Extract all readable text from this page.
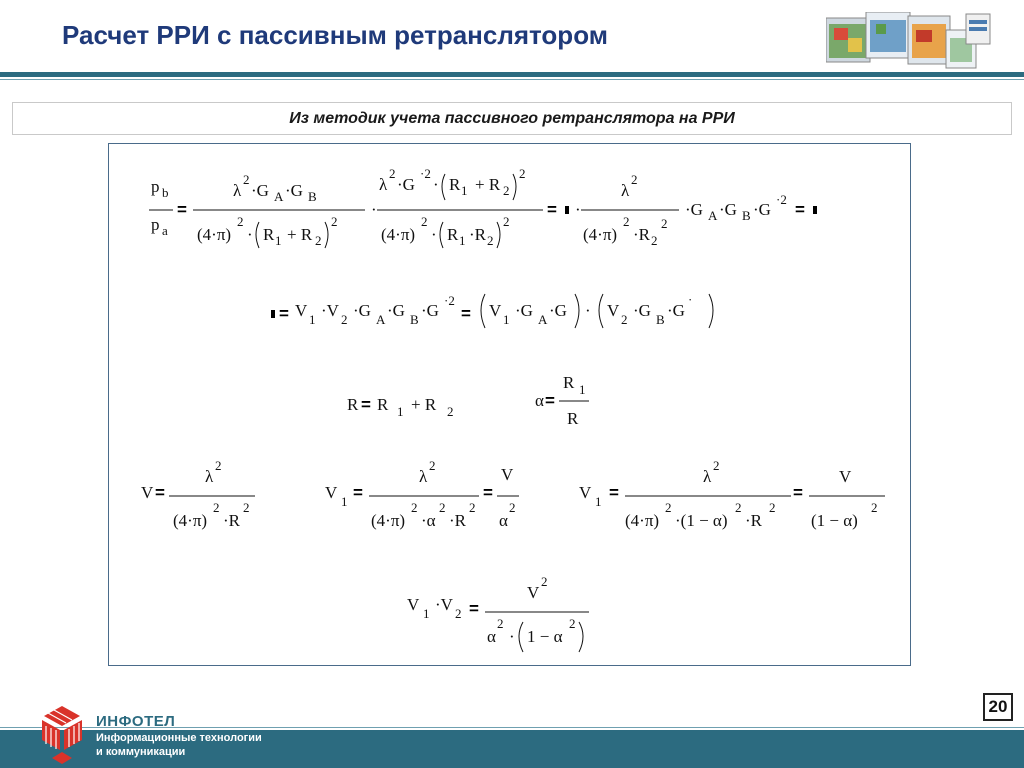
Расчет РРИ с пассивным ретранслятором
Из методик учета пассивного ретранслятора на РРИ
p b
p a
=
λ
2
·G A ·G B
(4·π)
2
· R 1 + R 2
2
·
λ
2
·G
·2
· R 1 + R 2
2
(4·π)
2
· R 1 ·R 2
2
= ·
λ
2
(4·π)
2
·R 2
2
·G A ·G B ·G
·2
=
= V 1 ·V 2 ·G A ·G B ·G
·2
= V 1 ·G A ·G · V 2 ·G B ·G
·
R = R 1 + R 2
α =
R 1
R
V =
λ
2
(4·π)
2
·R
2
V 1 =
λ
2
(4·π)
2
·α
2
·R
2
=
V
α
2
V 1 =
λ
2
(4·π)
2
·(1 − α)
2
·R
2
=
V
(1 − α)
2
V 1 ·V 2 =
V
2
α
2
· 1 − α
2
20
ИНФОТЕЛ
Информационные технологии
и коммуникации
